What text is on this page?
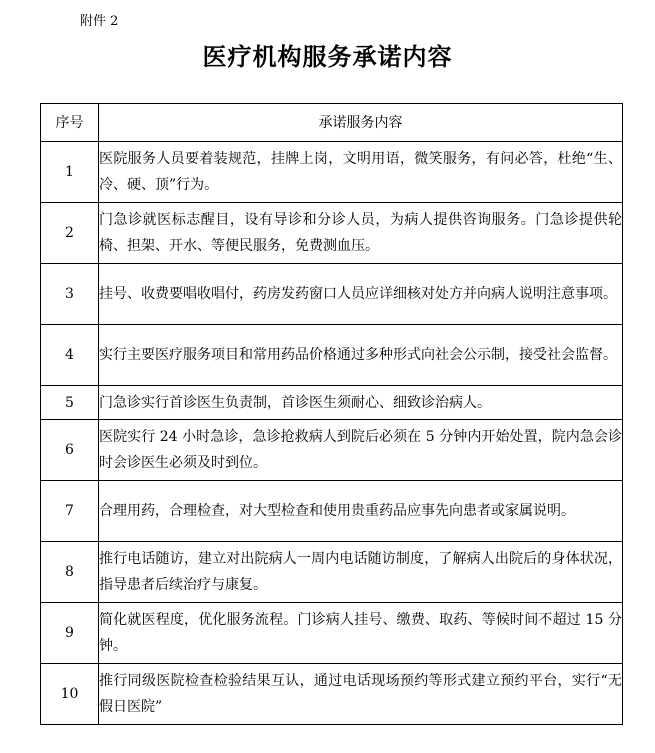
附件 2
医疗机构服务承诺内容
序号	承诺服务内容
1	医院服务人员要着装规范，挂牌上岗，文明用语，微笑服务，有问必答，杜绝“生、冷、硬、顶”行为。
2	门急诊就医标志醒目，设有导诊和分诊人员，为病人提供咨询服务。门急诊提供轮椅、担架、开水、等便民服务，免费测血压。
3	挂号、收费要唱收唱付，药房发药窗口人员应详细核对处方并向病人说明注意事项。
4	实行主要医疗服务项目和常用药品价格通过多种形式向社会公示制，接受社会监督。
5	门急诊实行首诊医生负责制，首诊医生须耐心、细致诊治病人。
6	医院实行 24 小时急诊，急诊抢救病人到院后必须在 5 分钟内开始处置，院内急会诊时会诊医生必须及时到位。
7	合理用药，合理检查，对大型检查和使用贵重药品应事先向患者或家属说明。
8	推行电话随访，建立对出院病人一周内电话随访制度，了解病人出院后的身体状况，指导患者后续治疗与康复。
9	简化就医程度，优化服务流程。门诊病人挂号、缴费、取药、等候时间不超过 15 分钟。
10	推行同级医院检查检验结果互认，通过电话现场预约等形式建立预约平台，实行“无假日医院”
